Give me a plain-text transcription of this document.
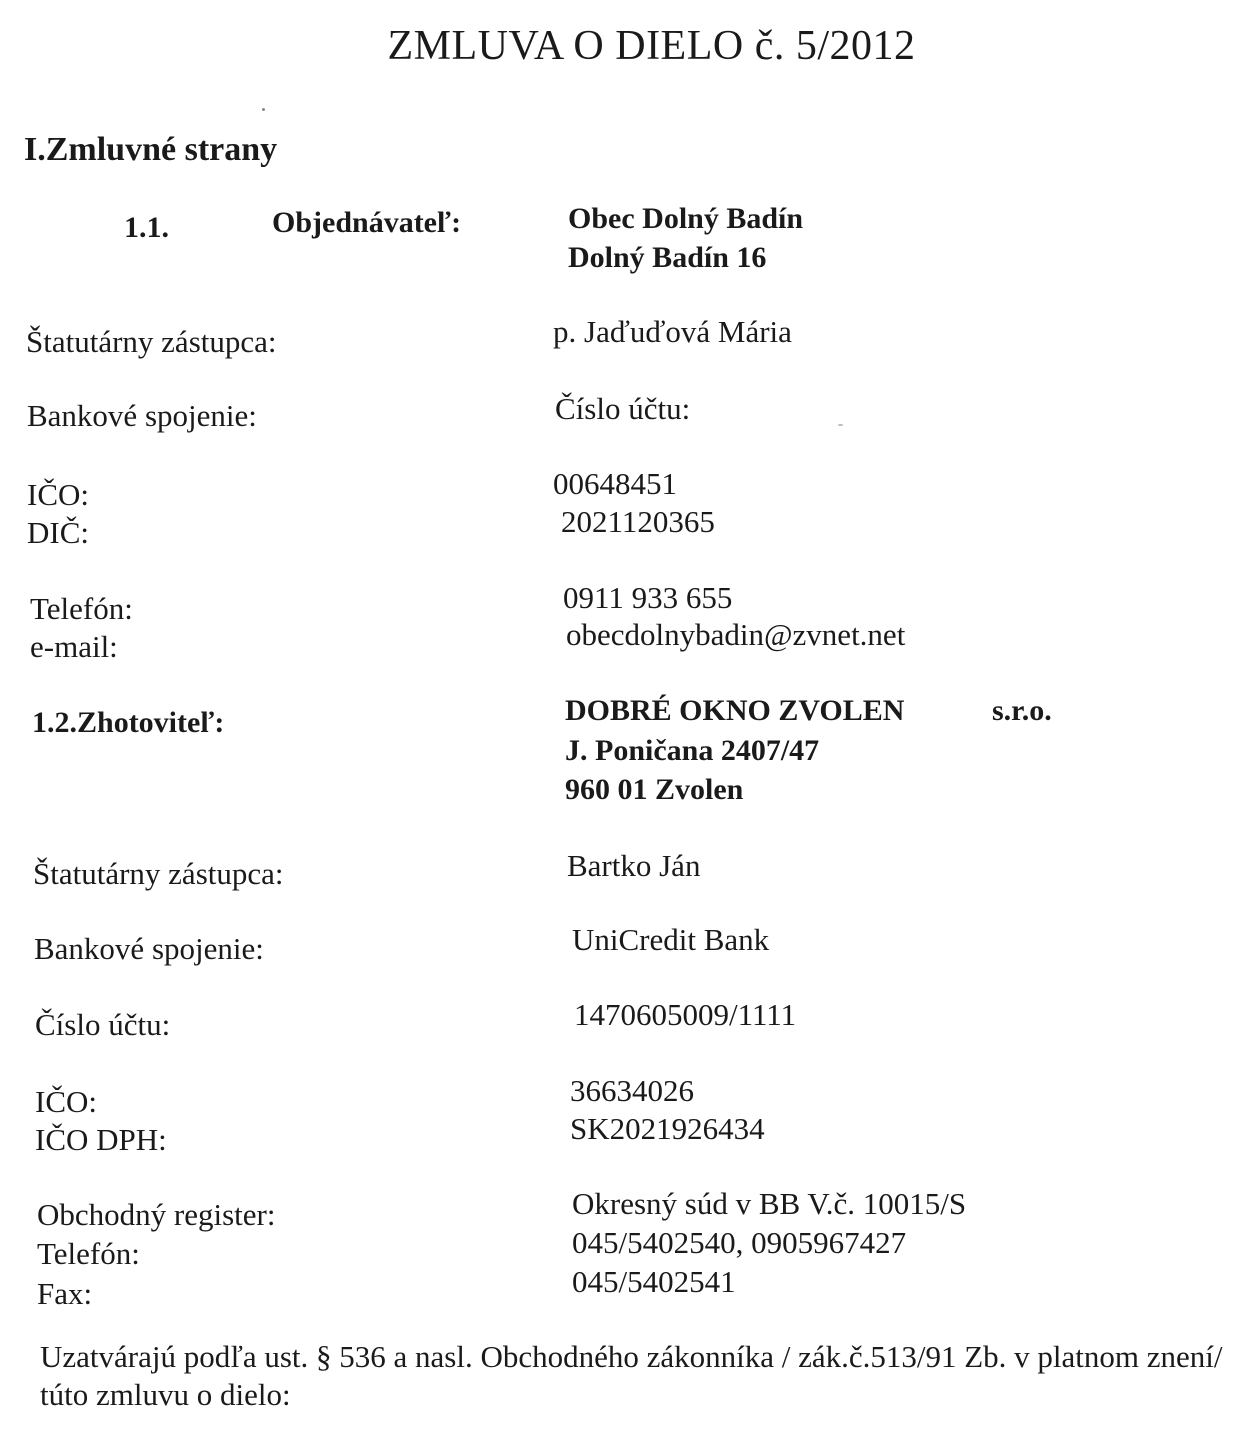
ZMLUVA O DIELO č. 5/2012
I.Zmluvné strany
1.1.	Objednávateľ:	Obec Dolný Badín
Dolný Badín 16
Štatutárny zástupca:	p. Jaďuďová Mária
Bankové spojenie:	Číslo účtu:
IČO:	00648451
DIČ:	2021120365
Telefón:	0911 933 655
e-mail:	obecdolnybadin@zvnet.net
1.2.Zhotoviteľ:	DOBRÉ OKNO ZVOLEN	s.r.o.
J. Poničana 2407/47
960 01 Zvolen
Štatutárny zástupca:	Bartko Ján
Bankové spojenie:	UniCredit Bank
Číslo účtu:	1470605009/1111
IČO:	36634026
IČO DPH:	SK2021926434
Obchodný register:	Okresný súd v BB V.č. 10015/S
Telefón:	045/5402540, 0905967427
Fax:	045/5402541
Uzatvárajú podľa ust. § 536 a nasl. Obchodného zákonníka / zák.č.513/91 Zb. v platnom znení/ túto zmluvu o dielo:
